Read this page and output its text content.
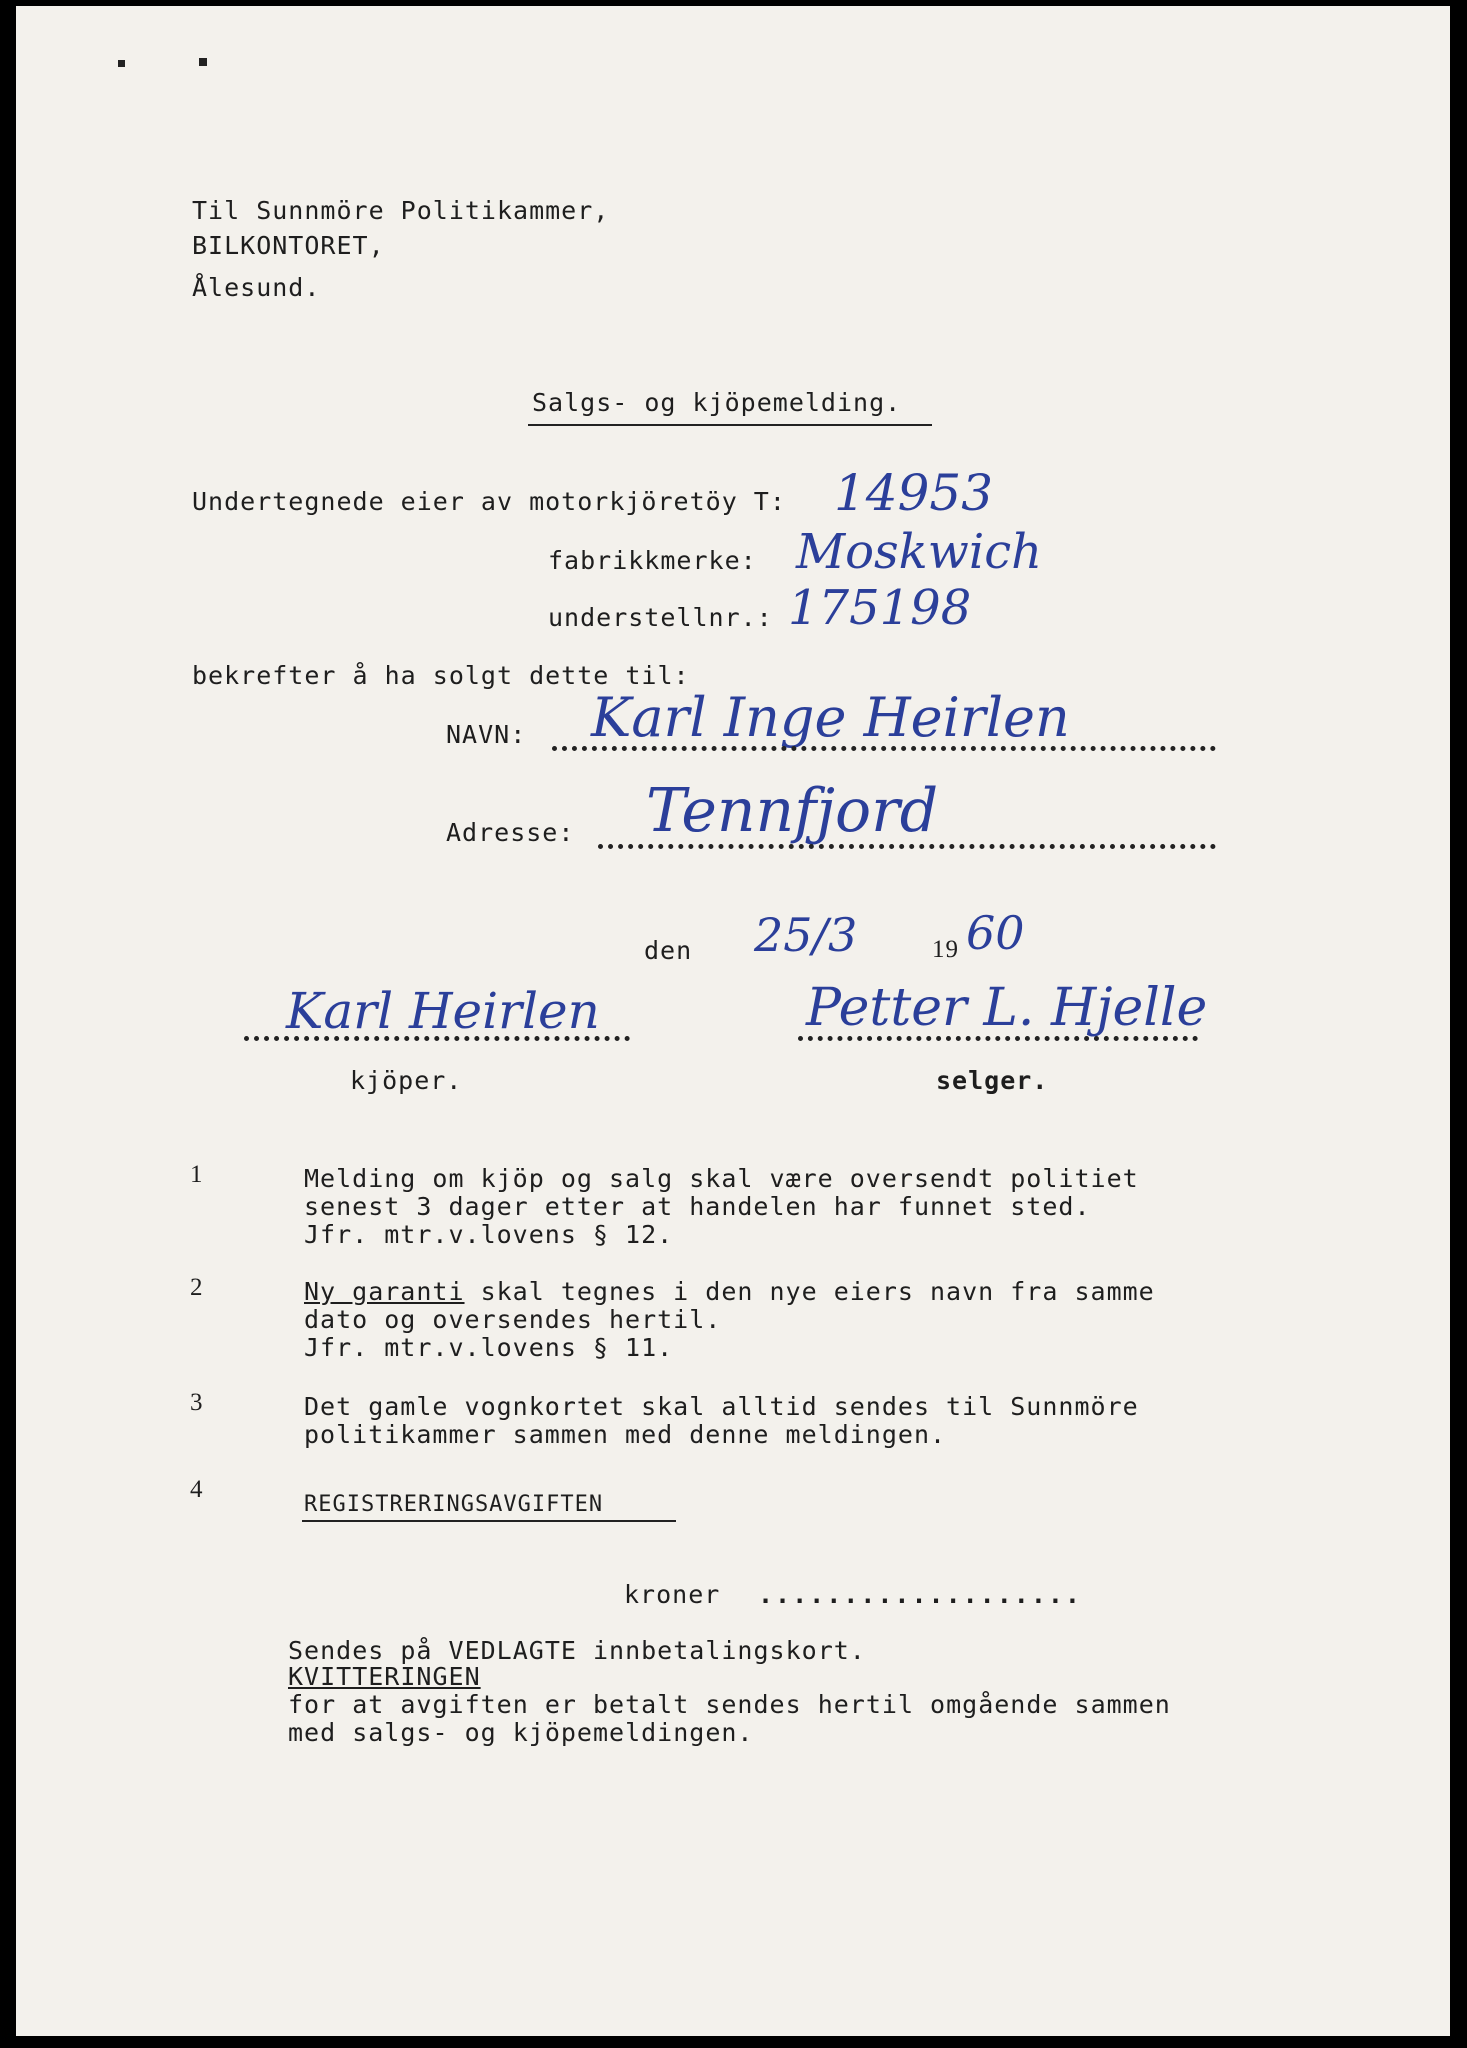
Til Sunnmöre Politikammer,
BILKONTORET,
Ålesund.
Salgs- og kjöpemelding.
Undertegnede eier av motorkjöretöy T: 14953
fabrikkmerke: Moskwich
understellnr.: 175198
bekrefter å ha solgt dette til:
NAVN: Karl Inge Heirlen
Adresse: Tennfjord
den 25/3	19 60
Karl Heirlen
kjöper.
Petter L. Hjelle
selger.
1	Melding om kjöp og salg skal være oversendt politiet
senest 3 dager etter at handelen har funnet sted.
Jfr. mtr.v.lovens § 12.
2	Ny garanti skal tegnes i den nye eiers navn fra samme
dato og oversendes hertil.
Jfr. mtr.v.lovens § 11.
3	Det gamle vognkortet skal alltid sendes til Sunnmöre
politikammer sammen med denne meldingen.
4
REGISTRERINGSAVGIFTEN
kroner ...................
Sendes på VEDLAGTE innbetalingskort.
KVITTERINGEN
for at avgiften er betalt sendes hertil omgående sammen
med salgs- og kjöpemeldingen.
